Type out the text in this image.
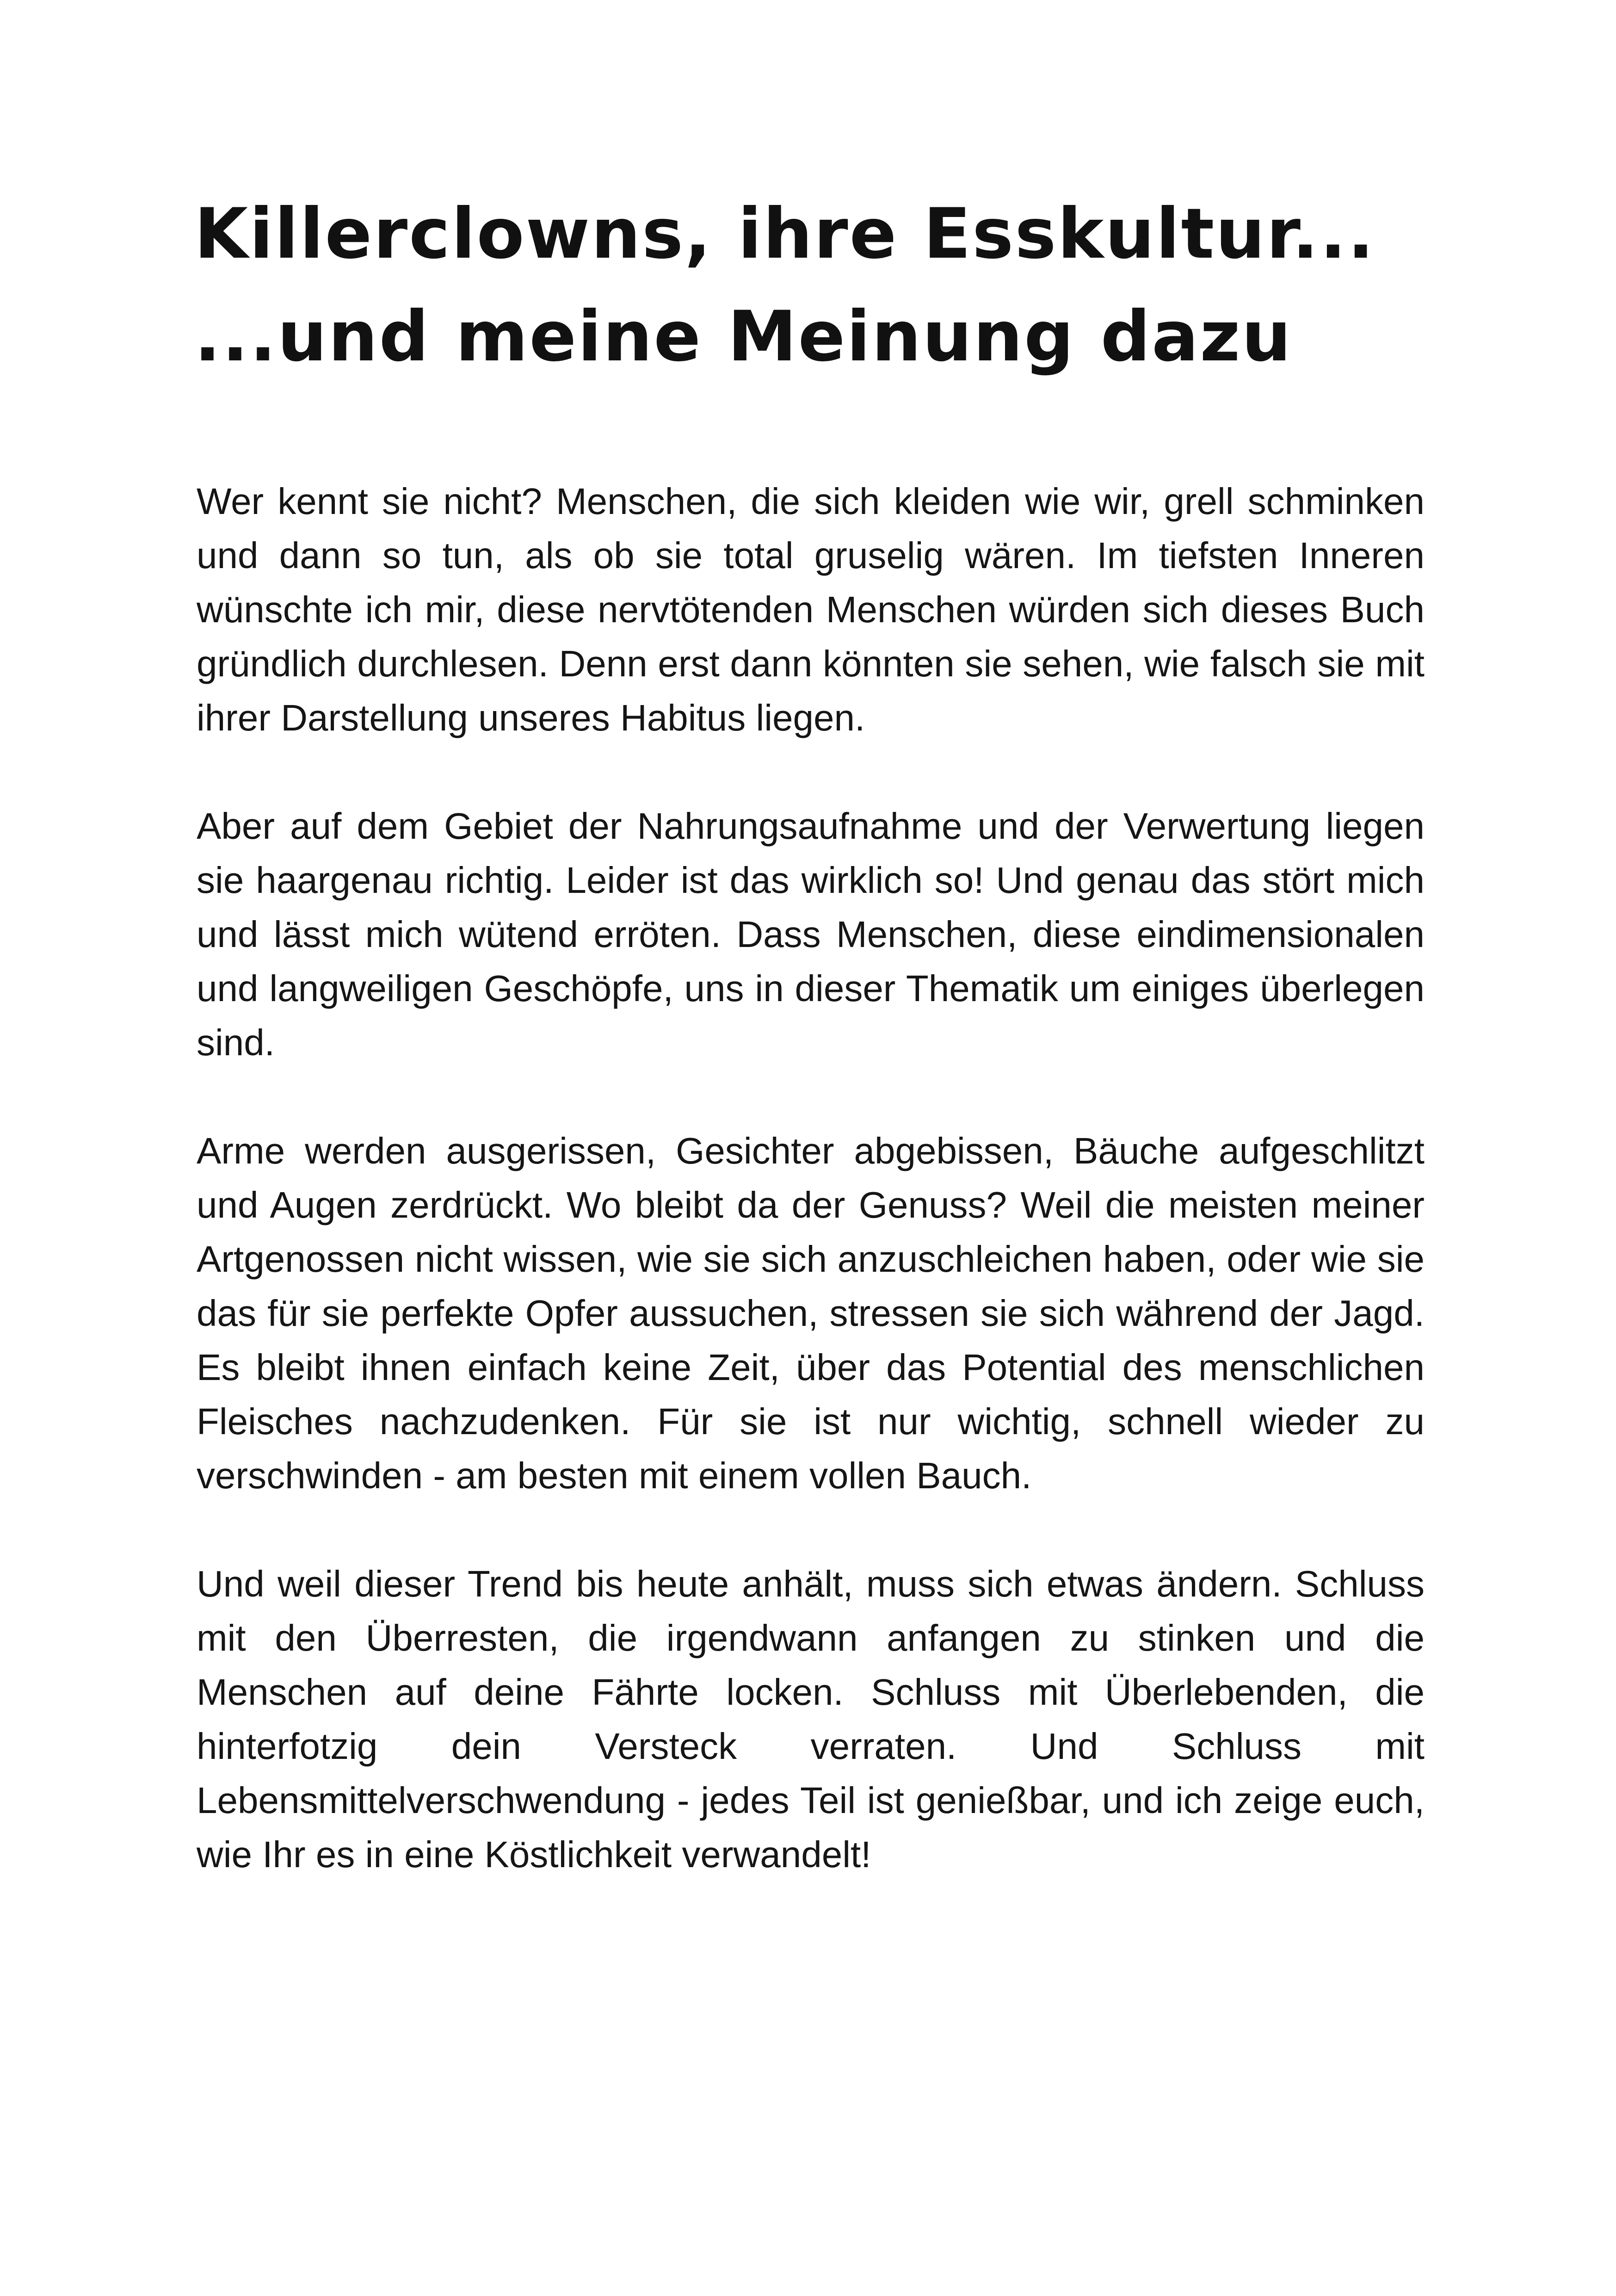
Killerclowns, ihre Esskultur...
...und meine Meinung dazu

Wer kennt sie nicht? Menschen, die sich kleiden wie wir, grell schminken und dann so tun, als ob sie total gruselig wären. Im tiefsten Inneren wünschte ich mir, diese nervtötenden Menschen würden sich dieses Buch gründlich durchlesen. Denn erst dann könnten sie sehen, wie falsch sie mit ihrer Darstellung unseres Habitus liegen.

Aber auf dem Gebiet der Nahrungsaufnahme und der Verwertung liegen sie haargenau richtig. Leider ist das wirklich so! Und genau das stört mich und lässt mich wütend erröten. Dass Menschen, diese eindimensionalen und langweiligen Geschöpfe, uns in dieser Thematik um einiges überlegen sind.

Arme werden ausgerissen, Gesichter abgebissen, Bäuche aufgeschlitzt und Augen zerdrückt. Wo bleibt da der Genuss? Weil die meisten meiner Artgenossen nicht wissen, wie sie sich anzuschleichen haben, oder wie sie das für sie perfekte Opfer aussuchen, stressen sie sich während der Jagd. Es bleibt ihnen einfach keine Zeit, über das Potential des menschlichen Fleisches nachzudenken. Für sie ist nur wichtig, schnell wieder zu verschwinden - am besten mit einem vollen Bauch.

Und weil dieser Trend bis heute anhält, muss sich etwas ändern. Schluss mit den Überresten, die irgendwann anfangen zu stinken und die Menschen auf deine Fährte locken. Schluss mit Überlebenden, die hinterfotzig dein Versteck verraten. Und Schluss mit Lebensmittelverschwendung - jedes Teil ist genießbar, und ich zeige euch, wie Ihr es in eine Köstlichkeit verwandelt!
